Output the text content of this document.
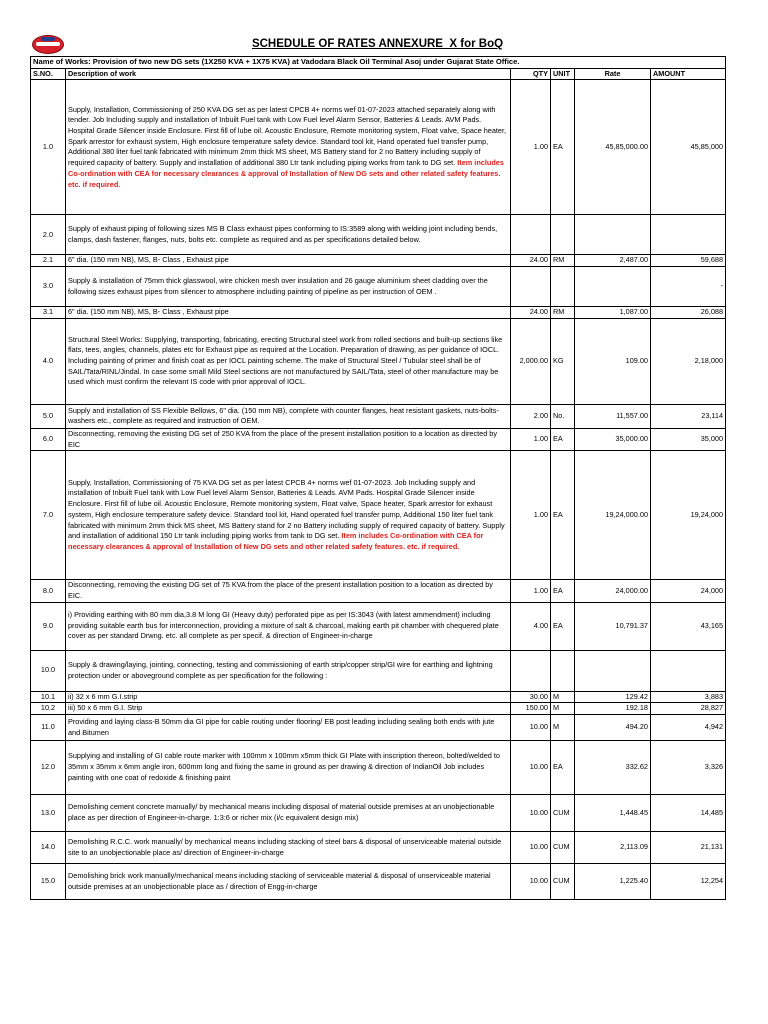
SCHEDULE OF RATES ANNEXURE_X for BoQ
Name of Works: Provision of two new DG sets (1X250 KVA + 1X75 KVA) at Vadodara Black Oil Terminal Asoj under Gujarat State Office.					
S.NO.	Description of work	QTY	UNIT	Rate	AMOUNT
1.0	Supply, Installation, Commissioning of 250 KVA DG set as per latest CPCB 4+ norms wef 01-07-2023 attached separately along with tender. Job Including supply and installation of Inbuilt Fuel tank with Low Fuel level Alarm Sensor, Batteries & Leads. AVM Pads. Hospital Grade Silencer inside Enclosure. First fill of lube oil. Acoustic Enclosure, Remote monitoring system, Float valve, Space heater, Spark arrestor for exhaust system, High enclosure temperature safety device. Standard tool kit, Hand operated fuel transfer pump, Additional 380 liter fuel tank fabricated with minimum 2mm thick MS sheet, MS Battery stand for 2 no Battery including supply of required capacity of battery. Supply and installation of additional 380 Ltr tank including piping works from tank to DG set. Item includes Co-ordination with CEA for necessary clearances & approval of Installation of New DG sets and other related safety features. etc. if required.	1.00	EA	45,85,000.00	45,85,000
2.0	Supply of exhaust piping of following sizes MS B Class exhaust pipes conforming to IS:3589 along with welding joint including bends, clamps, dash fastener, flanges, nuts, bolts etc. complete as required and as per specifications detailed below.				
2.1	6" dia. (150 mm NB), MS, B- Class , Exhaust pipe	24.00	RM	2,487.00	59,688
3.0	Supply & installation of 75mm thick glasswool, wire chicken mesh over insulation and 26 gauge aluminium sheet cladding over the following sizes exhaust pipes from silencer to atmosphere including painting of pipeline as per instruction of OEM .				-
3.1	6" dia. (150 mm NB), MS, B- Class , Exhaust pipe	24.00	RM	1,087.00	26,088
4.0	Structural Steel Works: Supplying, transporting, fabricating, erecting Structural steel work from rolled sections and built-up sections like flats, tees, angles, channels, plates etc for Exhaust pipe as required at the Location. Preparation of drawing, as per guidance of IOCL. Including painting of primer and finish coat as per IOCL painting scheme. The make of Structural Steel / Tubular steel shall be of SAIL/Tata/RINL/Jindal. In case some small Mild Steel sections are not manufactured by SAIL/Tata, steel of other manufacture may be used which must confirm the relevant IS code with prior approval of IOCL.	2,000.00	KG	109.00	2,18,000
5.0	Supply and installation of SS Flexible Bellows, 6" dia. (150 mm NB), complete with counter flanges, heat resistant gaskets, nuts-bolts-washers etc., complete as required and instruction of OEM.	2.00	No.	11,557.00	23,114
6.0	Disconnecting, removing the existing DG set of 250 KVA from the place of the present installation position to a location as directed by EIC	1.00	EA	35,000.00	35,000
7.0	Supply, Installation, Commissioning of 75 KVA DG set as per latest CPCB 4+ norms wef 01-07-2023. Job Including supply and installation of Inbuilt Fuel tank with Low Fuel level Alarm Sensor, Batteries & Leads. AVM Pads. Hospital Grade Silencer inside Enclosure. First fill of lube oil. Acoustic Enclosure, Remote monitoring system, Float valve, Space heater, Spark arrestor for exhaust system, High enclosure temperature safety device. Standard tool kit, Hand operated fuel transfer pump, Additional 150 liter fuel tank fabricated with minimum 2mm thick MS sheet, MS Battery stand for 2 no Battery including supply of required capacity of battery. Supply and installation of additional 150 Ltr tank including piping works from tank to DG set. Item includes Co-ordination with CEA for necessary clearances & approval of Installation of New DG sets and other related safety features. etc. if required.	1.00	EA	19,24,000.00	19,24,000
8.0	Disconnecting, removing the existing DG set of 75 KVA from the place of the present installation position to a location as directed by EIC.	1.00	EA	24,000.00	24,000
9.0	i) Providing earthing with 80 mm dia,3.8 M long GI (Heavy duty) perforated pipe as per IS:3043 (with latest ammendment) including providing suitable earth bus for interconnection, providing a mixture of salt & charcoal, making earth pit chamber with chequered plate cover as per standard Drwng. etc. all complete as per specif. & direction of Engineer-in-charge	4.00	EA	10,791.37	43,165
10.0	Supply & drawing/laying, jointing, connecting, testing and commissioning of earth strip/copper strip/GI wire for earthing and lightning protection under or aboveground complete as per specification for the following :				
10.1	ii) 32 x 6 mm G.I.strip	30.00	M	129.42	3,883
10.2	iii) 50 x 6 mm G.I. Strip	150.00	M	192.18	28,827
11.0	Providing and laying class-B 50mm dia GI pipe for cable routing under flooring/ EB post leading including sealing both ends with jute and Bitumen	10.00	M	494.20	4,942
12.0	Supplying and installing of GI cable route marker with 100mm x 100mm x5mm thick GI Plate with inscription thereon, bolted/welded to 35mm x 35mm x 6mm angle iron, 600mm long and fixing the same in ground as per drawing & direction of IndianOil Job includes painting with one coat of redoxide & finishing paint	10.00	EA	332.62	3,326
13.0	Demolishing cement concrete manually/ by mechanical means including disposal of material outside premises at an unobjectionable place as per direction of Engineer-in-charge. 1:3:6 or richer mix (i/c equivalent design mix)	10.00	CUM	1,448.45	14,485
14.0	Demolishing R.C.C. work manually/ by mechanical means including stacking of steel bars & disposal of unserviceable material outside site to an unobjectionable place as/ direction of Engineer-in-charge	10.00	CUM	2,113.09	21,131
15.0	Demolishing brick work manually/mechanical means including stacking of serviceable material & disposal of unserviceable material outside premises at an unobjectionable place as / direction of Engg-in-charge	10.00	CUM	1,225.40	12,254
